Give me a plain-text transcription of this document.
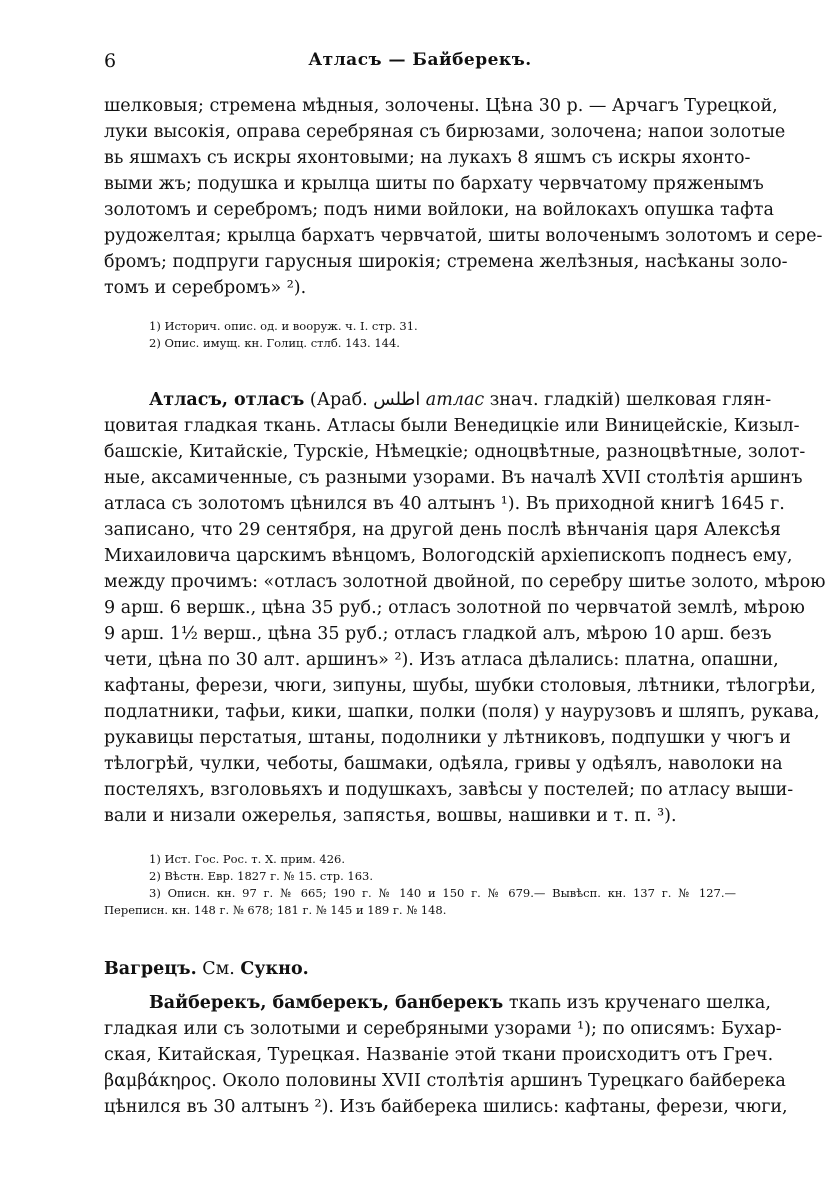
6	Атласъ — Байберекъ.
шелковыя; стремена мѣдныя, золочены. Цѣна 30 р. — Арчагъ Турецкой,
луки высокія, оправа серебряная съ бирюзами, золочена; напои золотые
вь яшмахъ съ искры яхонтовыми; на лукахъ 8 яшмъ съ искры яхонто-
выми жъ; подушка и крылца шиты по бархату червчатому пряженымъ
золотомъ и серебромъ; подъ ними войлоки, на войлокахъ опушка тафта
рудожелтая; крылца бархатъ червчатой, шиты волоченымъ золотомъ и сере-
бромъ; подпруги гарусныя широкія; стремена желѣзныя, насѣканы золо-
томъ и серебромъ» ²).
1) Историч. опис. од. и вооруж. ч. I. стр. 31.
2) Опис. имущ. кн. Голиц. стлб. 143. 144.
Атласъ, отласъ (Араб. اطلس атлас знач. гладкій) шелковая глян-
цовитая гладкая ткань. Атласы были Венедицкіе или Виницейскіе, Кизыл-
башскіе, Китайскіе, Турскіе, Нѣмецкіе; одноцвѣтные, разноцвѣтные, золот-
ные, аксамиченные, съ разными узорами. Въ началѣ XVII столѣтія аршинъ
атласа съ золотомъ цѣнился въ 40 алтынъ ¹). Въ приходной книгѣ 1645 г.
записано, что 29 сентября, на другой день послѣ вѣнчанія царя Алексѣя
Михаиловича царскимъ вѣнцомъ, Вологодскій архіепископъ поднесъ ему,
между прочимъ: «отласъ золотной двойной, по серебру шитье золото, мѣрою
9 арш. 6 вершк., цѣна 35 руб.; отласъ золотной по червчатой землѣ, мѣрою
9 арш. 1½ верш., цѣна 35 руб.; отласъ гладкой алъ, мѣрою 10 арш. безъ
чети, цѣна по 30 алт. аршинъ» ²). Изъ атласа дѣлались: платна, опашни,
кафтаны, ферези, чюги, зипуны, шубы, шубки столовыя, лѣтники, тѣлогрѣи,
подлатники, тафьи, кики, шапки, полки (поля) у наурузовъ и шляпъ, рукава,
рукавицы перстатыя, штаны, подолники у лѣтниковъ, подпушки у чюгъ и
тѣлогрѣй, чулки, чеботы, башмаки, одѣяла, гривы у одѣялъ, наволоки на
постеляхъ, взголовьяхъ и подушкахъ, завѣсы у постелей; по атласу выши-
вали и низали ожерелья, запястья, вошвы, нашивки и т. п. ³).
1) Ист. Гос. Рос. т. X. прим. 426.
2) Вѣстн. Евр. 1827 г. № 15. стр. 163.
3) Описн. кн. 97 г. № 665; 190 г. № 140 и 150 г. № 679.— Вывѣсп. кн. 137 г. № 127.—
Переписн. кн. 148 г. № 678; 181 г. № 145 и 189 г. № 148.
Вагрецъ. См. Сукно.
Вайберекъ, бамберекъ, банберекъ ткапь изъ крученаго шелка,
гладкая или съ золотыми и серебряными узорами ¹); по описямъ: Бухар-
ская, Китайская, Турецкая. Названіе этой ткани происходитъ отъ Греч.
βαμβάκηρος. Около половины XVII столѣтія аршинъ Турецкаго байберека
цѣнился въ 30 алтынъ ²). Изъ байберека шились: кафтаны, ферези, чюги,
